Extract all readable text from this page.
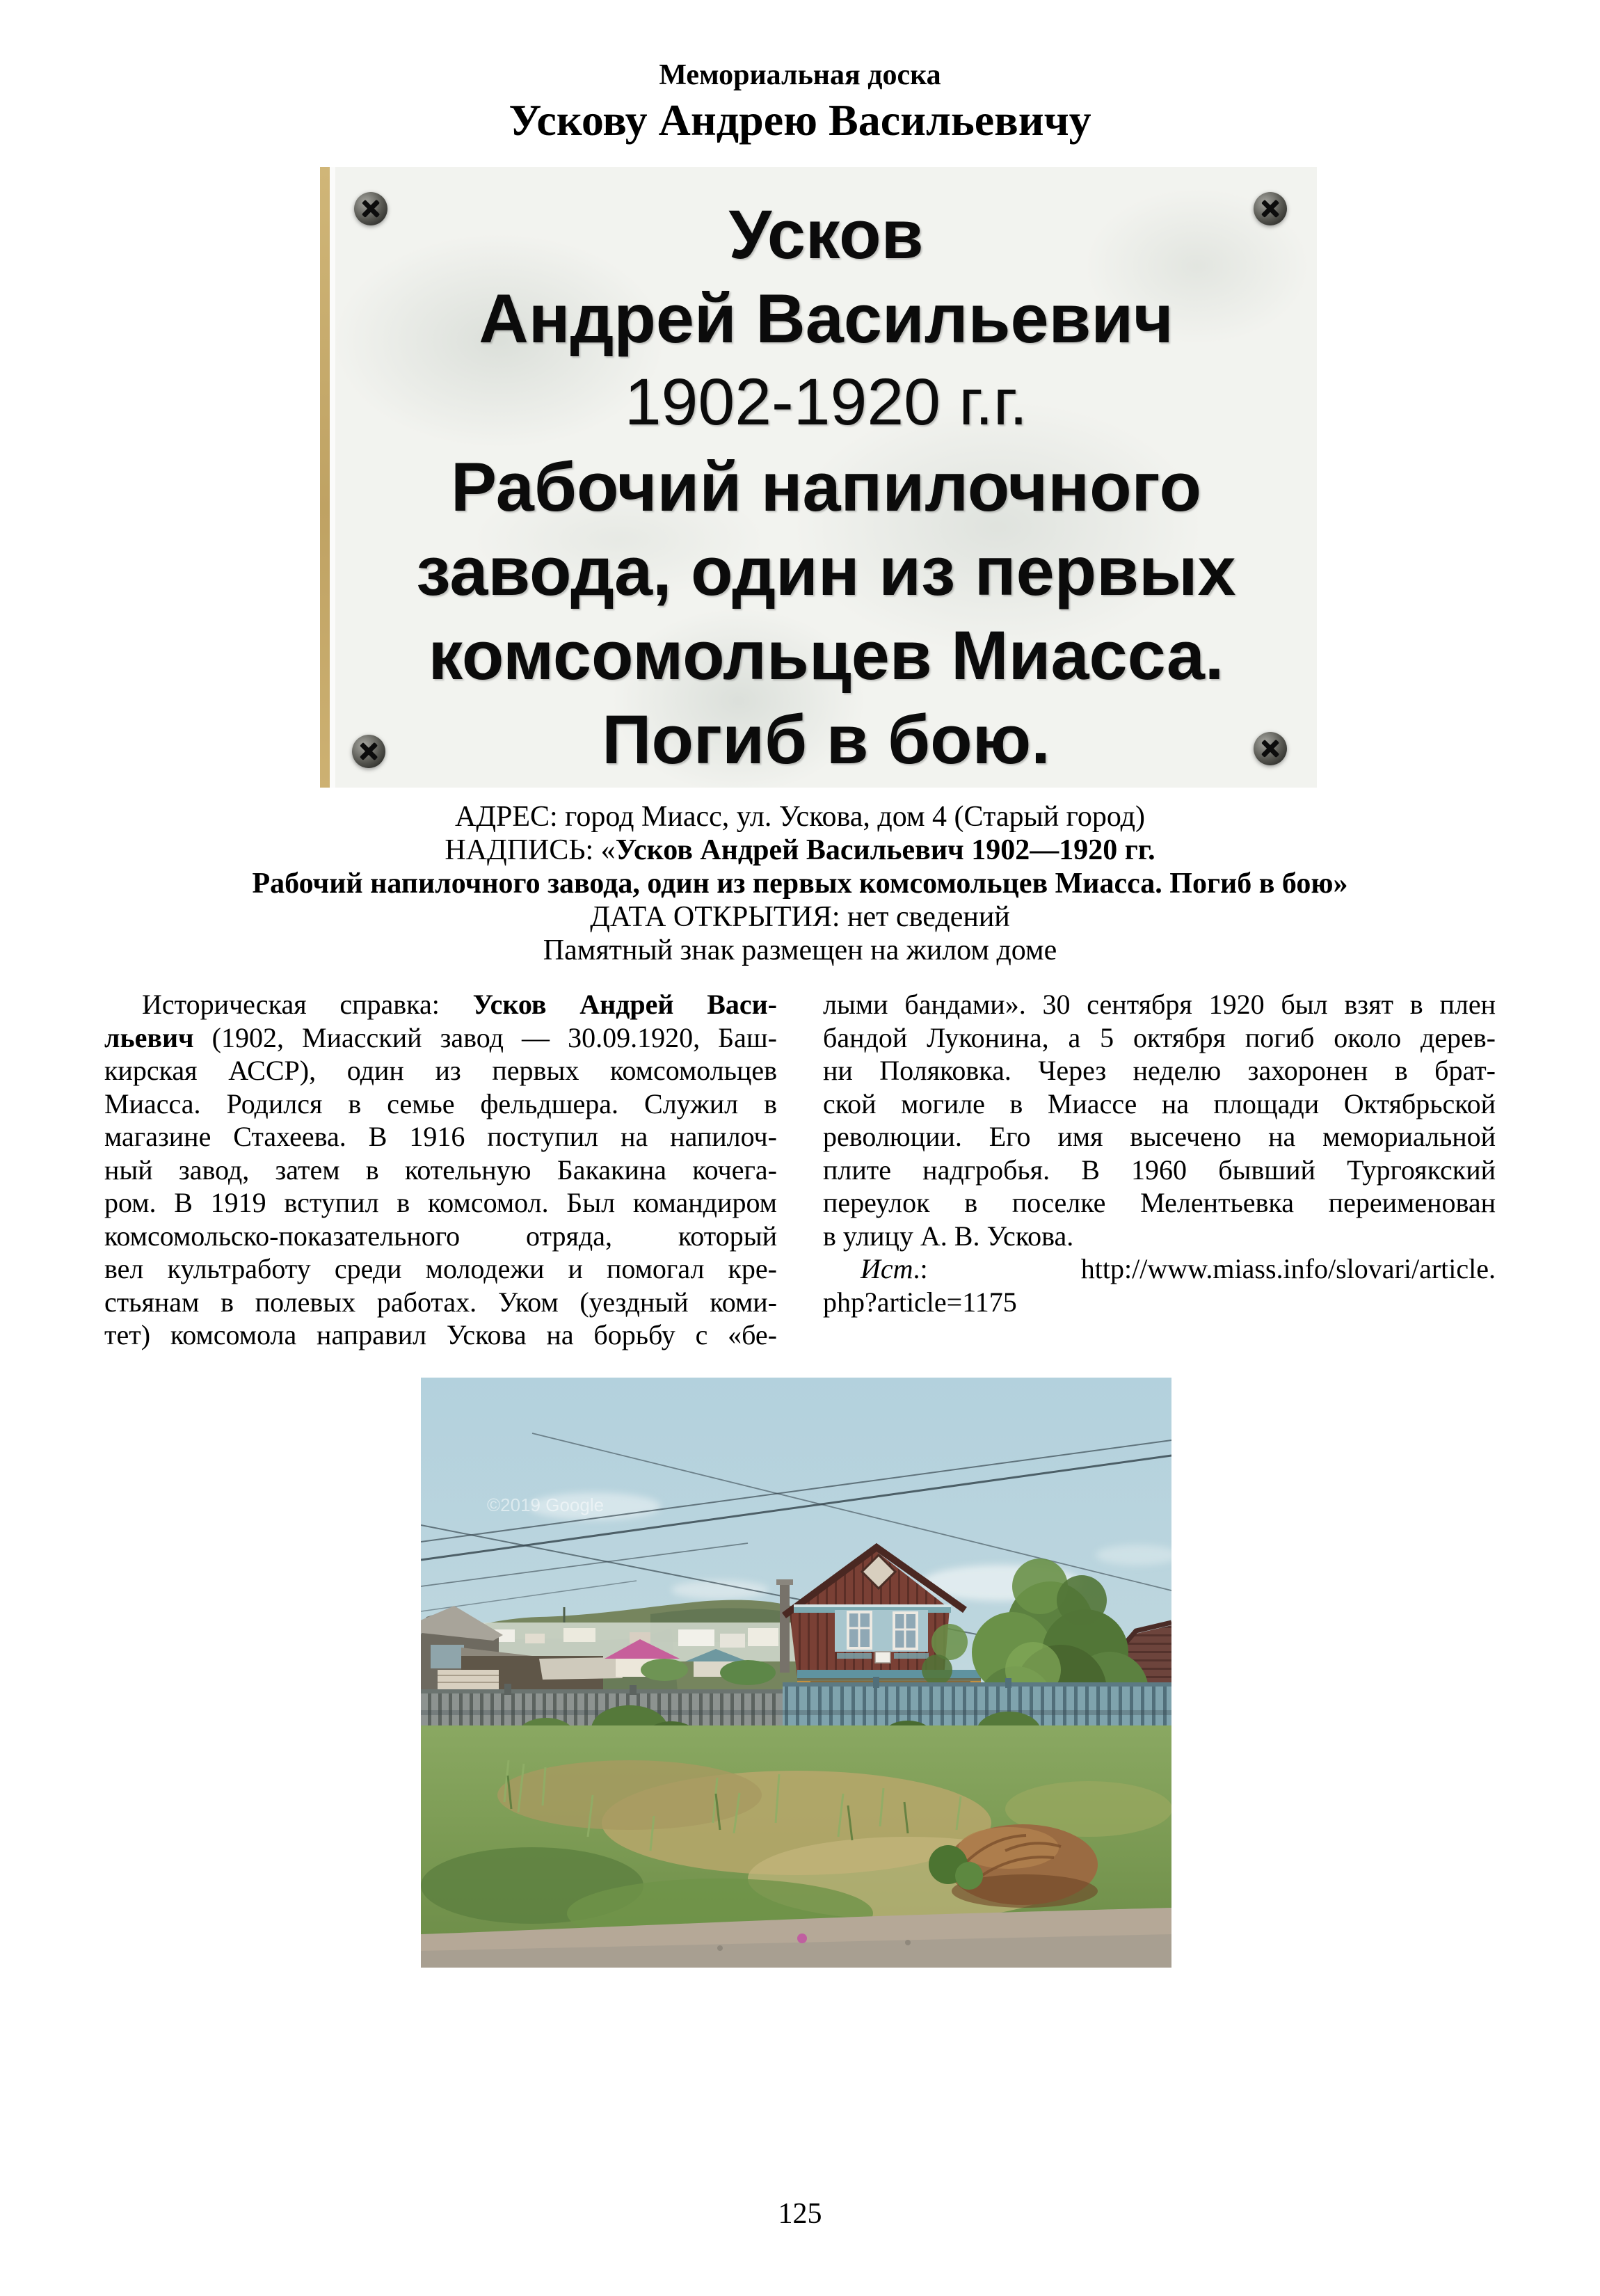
Мемориальная доска
Ускову Андрею Васильевичу
Усков
Андрей Васильевич
1902-1920 г.г.
Рабочий напилочного
завода, один из первых
комсомольцев Миасса.
Погиб в бою.
АДРЕС: город Миасс, ул. Ускова, дом 4 (Старый город)
НАДПИСЬ: «Усков Андрей Васильевич 1902—1920 гг.
Рабочий напилочного завода, один из первых комсомольцев Миасса. Погиб в бою»
ДАТА ОТКРЫТИЯ: нет сведений
Памятный знак размещен на жилом доме
Историческая справка: Усков Андрей Васи-
льевич (1902, Миасский завод — 30.09.1920, Баш-
кирская АССР), один из первых комсомольцев
Миасса. Родился в семье фельдшера. Служил в
магазине Стахеева. В 1916 поступил на напилоч-
ный завод, затем в котельную Бакакина кочега-
ром. В 1919 вступил в комсомол. Был командиром
комсомольско-показательного отряда, который
вел культработу среди молодежи и помогал кре-
стьянам в полевых работах. Уком (уездный коми-
тет) комсомола направил Ускова на борьбу с «бе-
лыми бандами». 30 сентября 1920 был взят в плен
бандой Луконина, а 5 октября погиб около дерев-
ни Поляковка. Через неделю захоронен в брат-
ской могиле в Миассе на площади Октябрьской
революции. Его имя высечено на мемориальной
плите надгробья. В 1960 бывший Тургоякский
переулок в поселке Мелентьевка переименован
в улицу А. В. Ускова.
Ист.: http://www.miass.info/slovari/article.
php?article=1175
©2019 Google
125
